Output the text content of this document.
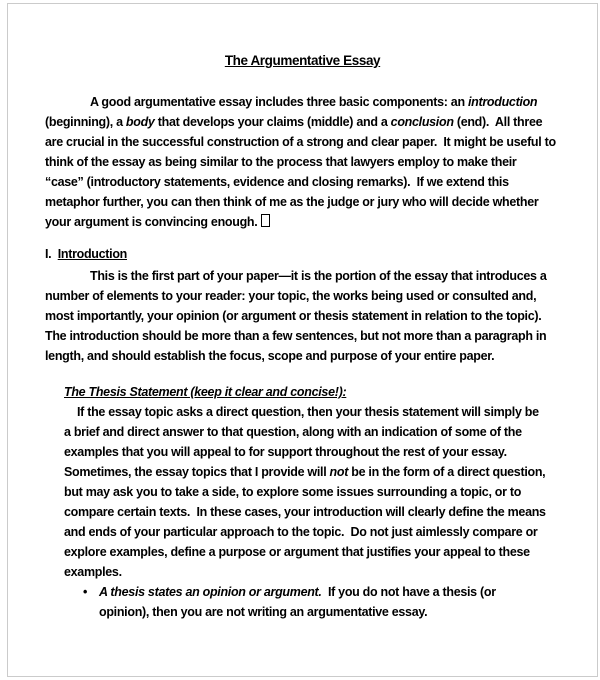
The Argumentative Essay
A good argumentative essay includes three basic components: an introduction
(beginning), a body that develops your claims (middle) and a conclusion (end).  All three
are crucial in the successful construction of a strong and clear paper.  It might be useful to
think of the essay as being similar to the process that lawyers employ to make their
“case” (introductory statements, evidence and closing remarks).  If we extend this
metaphor further, you can then think of me as the judge or jury who will decide whether
your argument is convincing enough.
I.  Introduction
This is the first part of your paper—it is the portion of the essay that introduces a
number of elements to your reader: your topic, the works being used or consulted and,
most importantly, your opinion (or argument or thesis statement in relation to the topic).
The introduction should be more than a few sentences, but not more than a paragraph in
length, and should establish the focus, scope and purpose of your entire paper.
The Thesis Statement (keep it clear and concise!):
If the essay topic asks a direct question, then your thesis statement will simply be
a brief and direct answer to that question, along with an indication of some of the
examples that you will appeal to for support throughout the rest of your essay.
Sometimes, the essay topics that I provide will not be in the form of a direct question,
but may ask you to take a side, to explore some issues surrounding a topic, or to
compare certain texts.  In these cases, your introduction will clearly define the means
and ends of your particular approach to the topic.  Do not just aimlessly compare or
explore examples, define a purpose or argument that justifies your appeal to these
examples.
• A thesis states an opinion or argument.  If you do not have a thesis (or
opinion), then you are not writing an argumentative essay.
